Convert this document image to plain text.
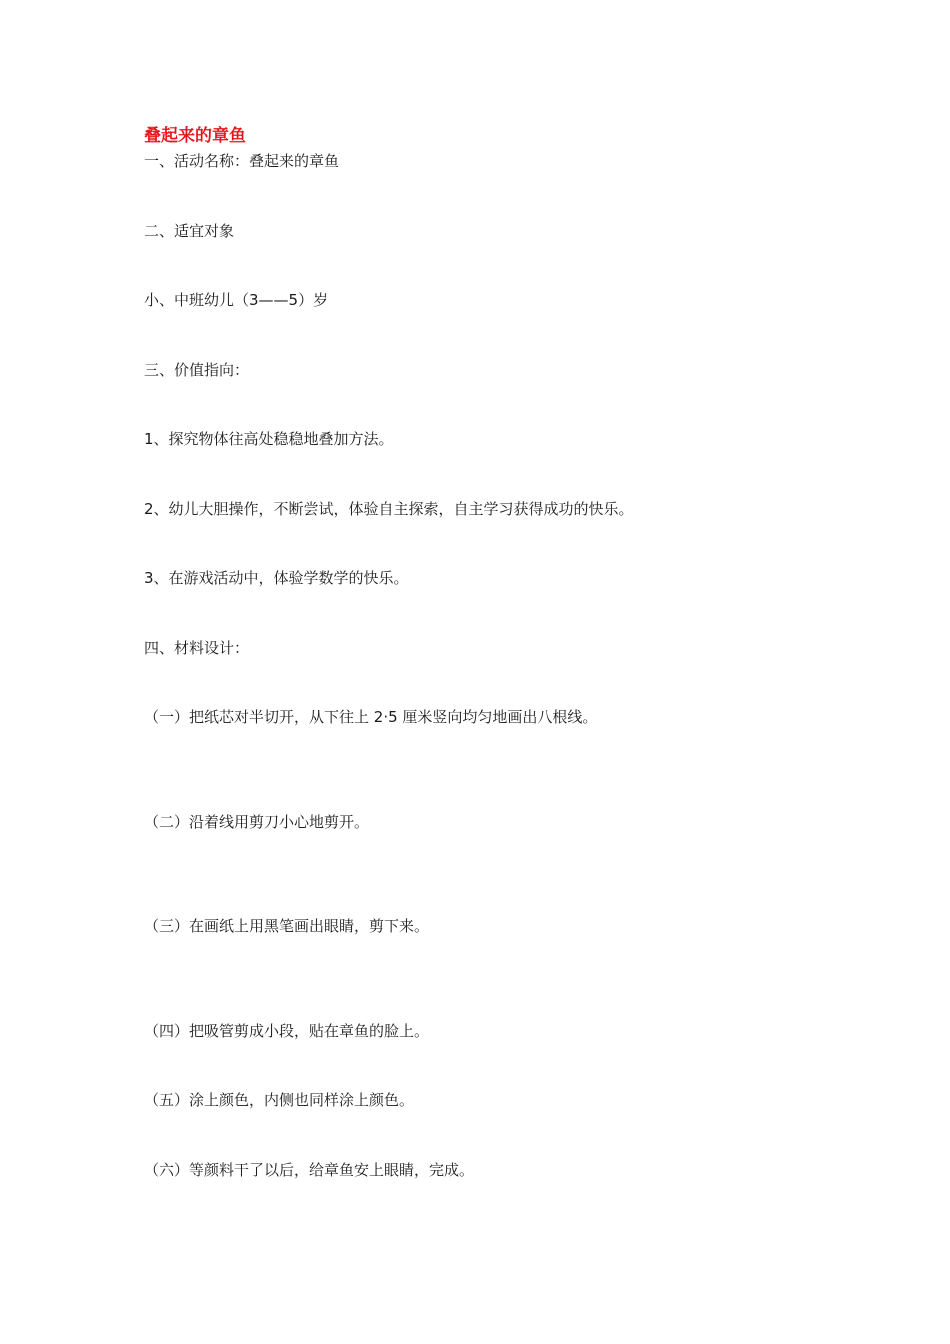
叠起来的章鱼
一、活动名称：叠起来的章鱼
二、适宜对象
小、中班幼儿（3——5）岁
三、价值指向：
1、探究物体往高处稳稳地叠加方法。
2、幼儿大胆操作，不断尝试，体验自主探索，自主学习获得成功的快乐。
3、在游戏活动中，体验学数学的快乐。
四、材料设计：
（一）把纸芯对半切开，从下往上 2·5 厘米竖向均匀地画出八根线。
（二）沿着线用剪刀小心地剪开。
（三）在画纸上用黑笔画出眼睛，剪下来。
（四）把吸管剪成小段，贴在章鱼的脸上。
（五）涂上颜色，内侧也同样涂上颜色。
（六）等颜料干了以后，给章鱼安上眼睛，完成。
